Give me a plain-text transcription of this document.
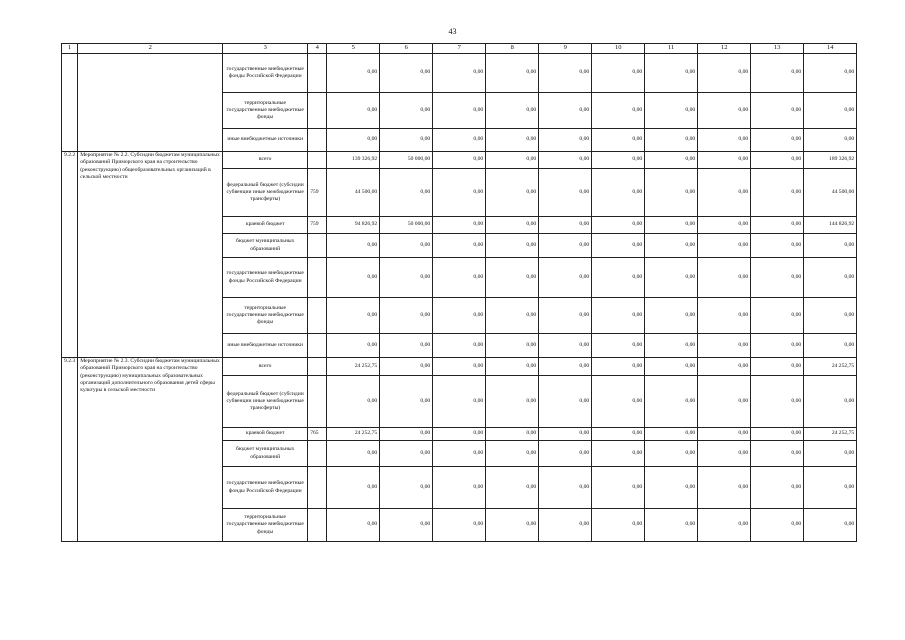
43
1	2	3	4	5	6	7	8	9	10	11	12	13	14
		государственные внебюджетные фонды Российской Федерации		0,00	0,00	0,00	0,00	0,00	0,00	0,00	0,00	0,00	0,00
		территориальные государственные внебюджетные фонды		0,00	0,00	0,00	0,00	0,00	0,00	0,00	0,00	0,00	0,00
		иные внебюджетные источники		0,00	0,00	0,00	0,00	0,00	0,00	0,00	0,00	0,00	0,00
9.2.2	Мероприятие № 2.2. Субсидии бюджетам муниципальных образований Приморского края на строительство (реконструкцию) общеобразовательных организаций в сельской местности	всего		139 326,92	50 000,00	0,00	0,00	0,00	0,00	0,00	0,00	0,00	189 326,92
		федеральный бюджет (субсидии субвенции иные межбюджетные трансферты)	759	44 500,00	0,00	0,00	0,00	0,00	0,00	0,00	0,00	0,00	44 500,00
		краевой бюджет	759	94 826,92	50 000,00	0,00	0,00	0,00	0,00	0,00	0,00	0,00	144 826,92
		бюджет муниципальных образований		0,00	0,00	0,00	0,00	0,00	0,00	0,00	0,00	0,00	0,00
		государственные внебюджетные фонды Российской Федерации		0,00	0,00	0,00	0,00	0,00	0,00	0,00	0,00	0,00	0,00
		территориальные государственные внебюджетные фонды		0,00	0,00	0,00	0,00	0,00	0,00	0,00	0,00	0,00	0,00
		иные внебюджетные источники		0,00	0,00	0,00	0,00	0,00	0,00	0,00	0,00	0,00	0,00
9.2.3	Мероприятие № 2.3. Субсидии бюджетам муниципальных образований Приморского края на строительство (реконструкцию) муниципальных образовательных организаций дополнительного образования детей сферы культуры в сельской местности	всего		24 252,75	0,00	0,00	0,00	0,00	0,00	0,00	0,00	0,00	24 252,75
		федеральный бюджет (субсидии субвенции иные межбюджетные трансферты)		0,00	0,00	0,00	0,00	0,00	0,00	0,00	0,00	0,00	0,00
		краевой бюджет	765	24 252,75	0,00	0,00	0,00	0,00	0,00	0,00	0,00	0,00	24 252,75
		бюджет муниципальных образований		0,00	0,00	0,00	0,00	0,00	0,00	0,00	0,00	0,00	0,00
		государственные внебюджетные фонды Российской Федерации		0,00	0,00	0,00	0,00	0,00	0,00	0,00	0,00	0,00	0,00
		территориальные государственные внебюджетные фонды		0,00	0,00	0,00	0,00	0,00	0,00	0,00	0,00	0,00	0,00
